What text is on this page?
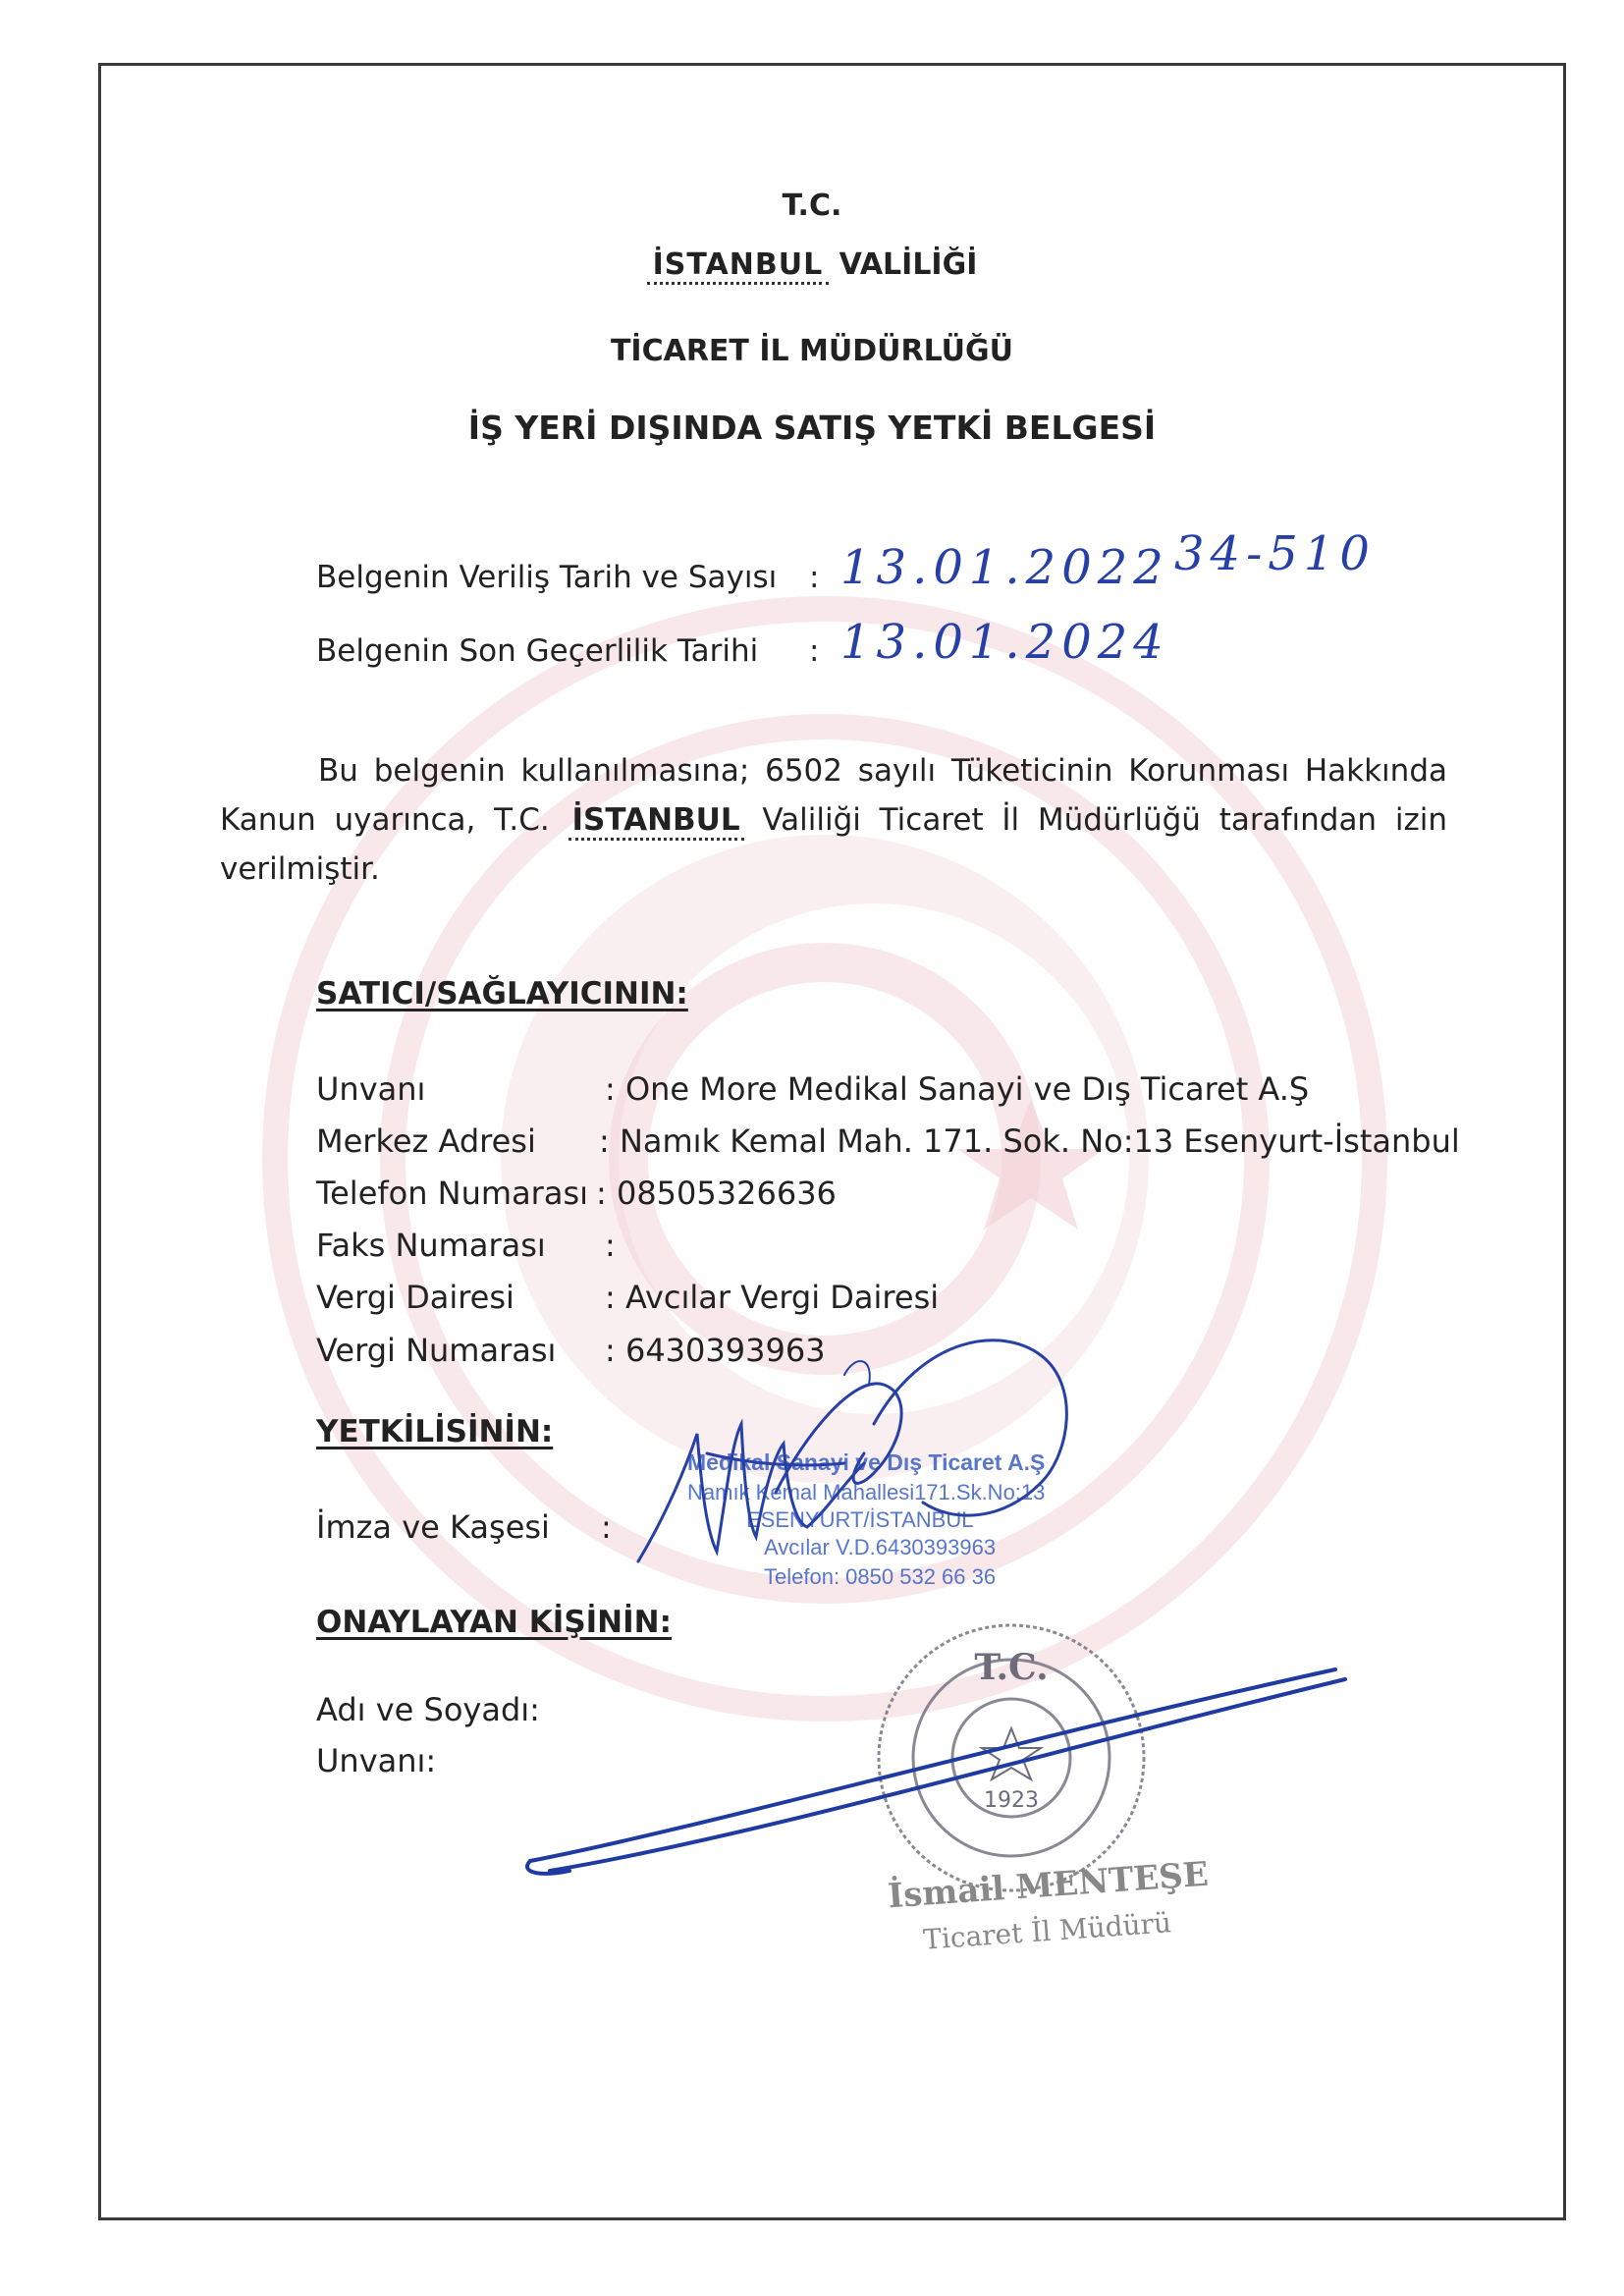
T.C.
İSTANBUL VALİLİĞİ
TİCARET İL MÜDÜRLÜĞÜ
İŞ YERİ DIŞINDA SATIŞ YETKİ BELGESİ
Belgenin Veriliş Tarih ve Sayısı : 13.01.2022 34-510
Belgenin Son Geçerlilik Tarihi : 13.01.2024
Bu belgenin kullanılmasına; 6502 sayılı Tüketicinin Korunması Hakkında Kanun uyarınca, T.C. İSTANBUL Valiliği Ticaret İl Müdürlüğü tarafından izin verilmiştir.
SATICI/SAĞLAYICININ:
Unvanı	: One More Medikal Sanayi ve Dış Ticaret A.Ş
Merkez Adresi : Namık Kemal Mah. 171. Sok. No:13 Esenyurt-İstanbul
Telefon Numarası : 08505326636
Faks Numarası :
Vergi Dairesi	: Avcılar Vergi Dairesi
Vergi Numarası : 6430393963
YETKİLİSİNİN:
İmza ve Kaşesi :
Medikal Sanayi ve Dış Ticaret A.Ş
Namık Kemal Mahallesi171.Sk.No:13
ESENYURT/İSTANBUL
Avcılar V.D.6430393963
Telefon: 0850 532 66 36
ONAYLAYAN KİŞİNİN:
Adı ve Soyadı:
Unvanı:
T.C.
1923
İsmail MENTEŞE
Ticaret İl Müdürü
